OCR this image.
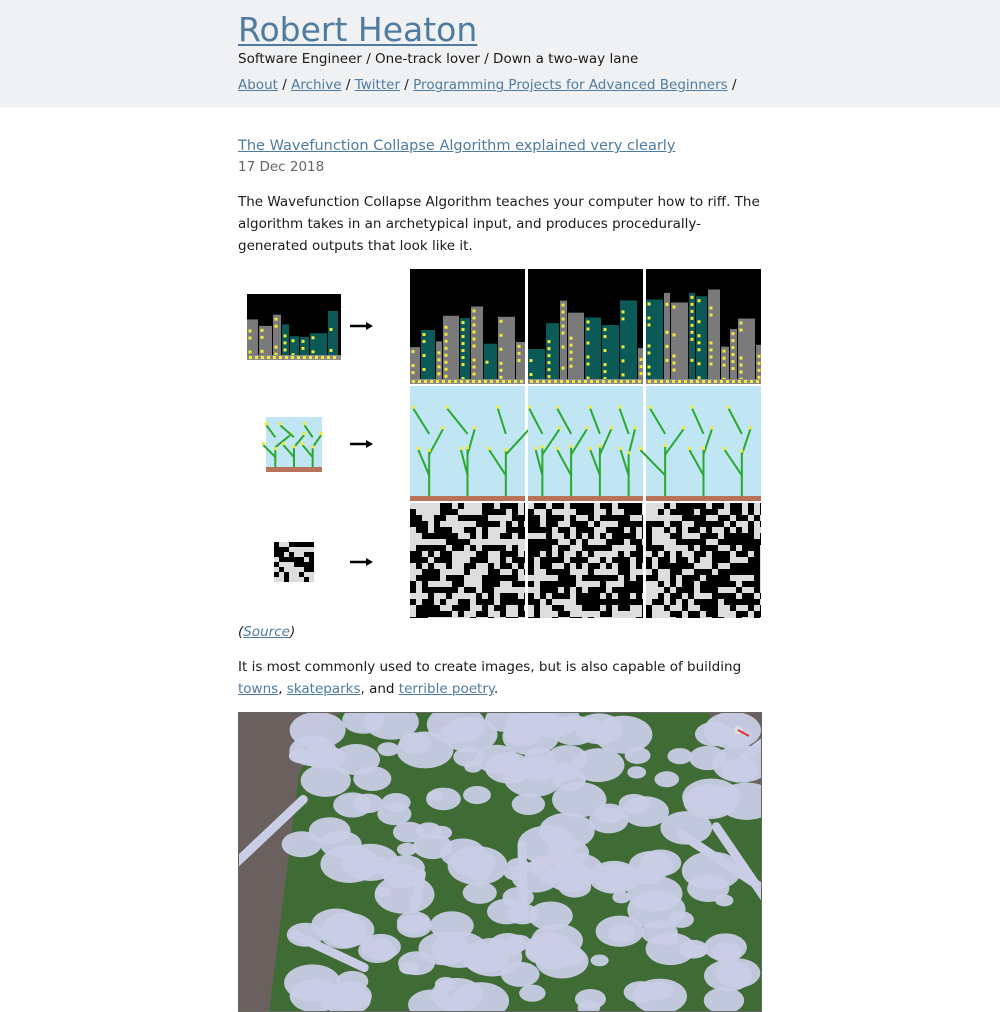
Robert Heaton
Software Engineer / One-track lover / Down a two-way lane
About / Archive / Twitter / Programming Projects for Advanced Beginners /
The Wavefunction Collapse Algorithm explained very clearly
17 Dec 2018

The Wavefunction Collapse Algorithm teaches your computer how to riff. The algorithm takes in an archetypical input, and produces procedurally-generated outputs that look like it.

(Source)

It is most commonly used to create images, but is also capable of building towns, skateparks, and terrible poetry.
